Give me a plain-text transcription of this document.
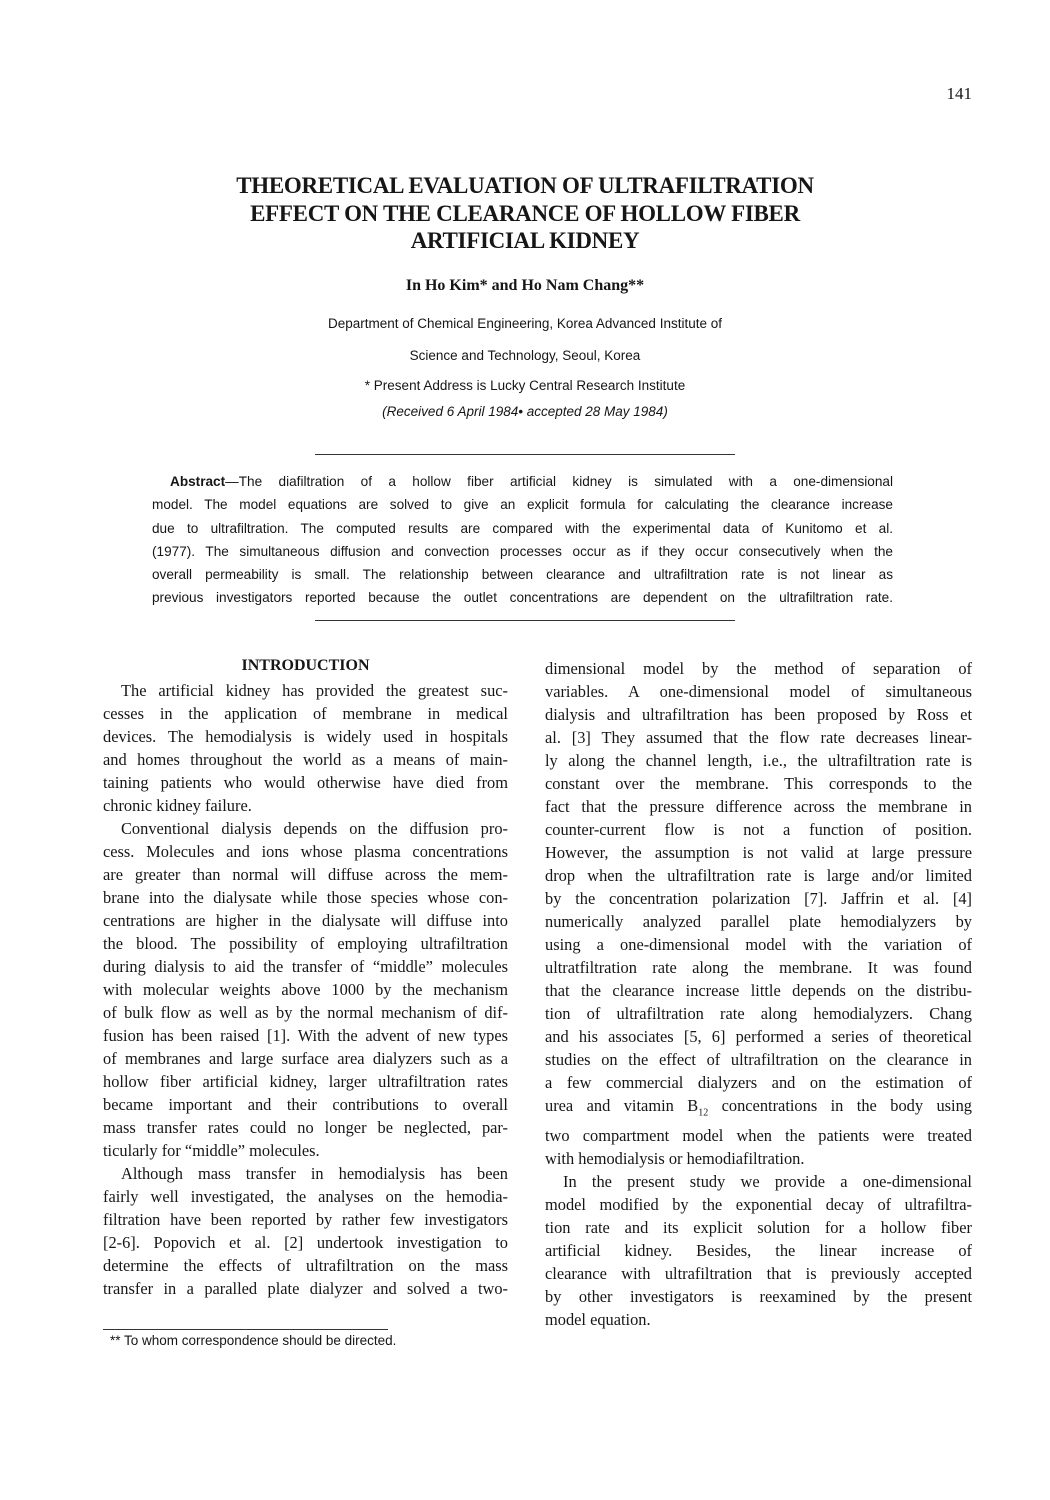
141
THEORETICAL EVALUATION OF ULTRAFILTRATION
EFFECT ON THE CLEARANCE OF HOLLOW FIBER
ARTIFICIAL KIDNEY
In Ho Kim* and Ho Nam Chang**
Department of Chemical Engineering, Korea Advanced Institute of
Science and Technology, Seoul, Korea
* Present Address is Lucky Central Research Institute
(Received 6 April 1984• accepted 28 May 1984)
Abstract—The diafiltration of a hollow fiber artificial kidney is simulated with a one-dimensional
model. The model equations are solved to give an explicit formula for calculating the clearance increase
due to ultrafiltration. The computed results are compared with the experimental data of Kunitomo et al.
(1977). The simultaneous diffusion and convection processes occur as if they occur consecutively when the
overall permeability is small. The relationship between clearance and ultrafiltration rate is not linear as
previous investigators reported because the outlet concentrations are dependent on the ultrafiltration rate.
INTRODUCTION
The artificial kidney has provided the greatest suc-
cesses in the application of membrane in medical
devices. The hemodialysis is widely used in hospitals
and homes throughout the world as a means of main-
taining patients who would otherwise have died from
chronic kidney failure.
Conventional dialysis depends on the diffusion pro-
cess. Molecules and ions whose plasma concentrations
are greater than normal will diffuse across the mem-
brane into the dialysate while those species whose con-
centrations are higher in the dialysate will diffuse into
the blood. The possibility of employing ultrafiltration
during dialysis to aid the transfer of “middle” molecules
with molecular weights above 1000 by the mechanism
of bulk flow as well as by the normal mechanism of dif-
fusion has been raised [1]. With the advent of new types
of membranes and large surface area dialyzers such as a
hollow fiber artificial kidney, larger ultrafiltration rates
became important and their contributions to overall
mass transfer rates could no longer be neglected, par-
ticularly for “middle” molecules.
Although mass transfer in hemodialysis has been
fairly well investigated, the analyses on the hemodia-
filtration have been reported by rather few investigators
[2-6]. Popovich et al. [2] undertook investigation to
determine the effects of ultrafiltration on the mass
transfer in a paralled plate dialyzer and solved a two-
dimensional model by the method of separation of
variables. A one-dimensional model of simultaneous
dialysis and ultrafiltration has been proposed by Ross et
al. [3] They assumed that the flow rate decreases linear-
ly along the channel length, i.e., the ultrafiltration rate is
constant over the membrane. This corresponds to the
fact that the pressure difference across the membrane in
counter-current flow is not a function of position.
However, the assumption is not valid at large pressure
drop when the ultrafiltration rate is large and/or limited
by the concentration polarization [7]. Jaffrin et al. [4]
numerically analyzed parallel plate hemodialyzers by
using a one-dimensional model with the variation of
ultratfiltration rate along the membrane. It was found
that the clearance increase little depends on the distribu-
tion of ultrafiltration rate along hemodialyzers. Chang
and his associates [5, 6] performed a series of theoretical
studies on the effect of ultrafiltration on the clearance in
a few commercial dialyzers and on the estimation of
urea and vitamin $B_{12}$ concentrations in the body using
two compartment model when the patients were treated
with hemodialysis or hemodiafiltration.
In the present study we provide a one-dimensional
model modified by the exponential decay of ultrafiltra-
tion rate and its explicit solution for a hollow fiber
artificial kidney. Besides, the linear increase of
clearance with ultrafiltration that is previously accepted
by other investigators is reexamined by the present
model equation.
** To whom correspondence should be directed.
